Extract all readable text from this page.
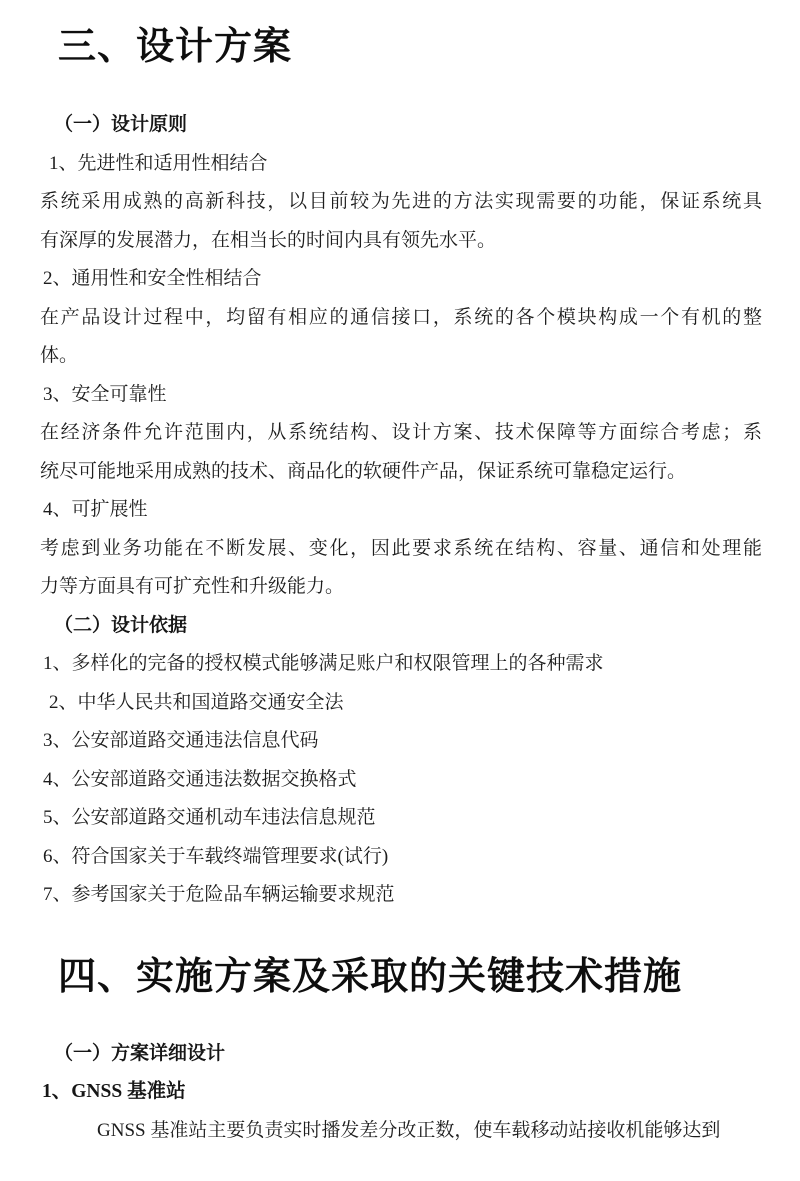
三、设计方案
（一）设计原则
1、先进性和适用性相结合
系统采用成熟的高新科技，以目前较为先进的方法实现需要的功能，保证系统具
有深厚的发展潜力，在相当长的时间内具有领先水平。
2、通用性和安全性相结合
在产品设计过程中，均留有相应的通信接口，系统的各个模块构成一个有机的整
体。
3、安全可靠性
在经济条件允许范围内，从系统结构、设计方案、技术保障等方面综合考虑；系
统尽可能地采用成熟的技术、商品化的软硬件产品，保证系统可靠稳定运行。
4、可扩展性
考虑到业务功能在不断发展、变化，因此要求系统在结构、容量、通信和处理能
力等方面具有可扩充性和升级能力。
（二）设计依据
1、多样化的完备的授权模式能够满足账户和权限管理上的各种需求
2、中华人民共和国道路交通安全法
3、公安部道路交通违法信息代码
4、公安部道路交通违法数据交换格式
5、公安部道路交通机动车违法信息规范
6、符合国家关于车载终端管理要求(试行)
7、参考国家关于危险品车辆运输要求规范
四、实施方案及采取的关键技术措施
（一）方案详细设计
1、GNSS 基准站
GNSS 基准站主要负责实时播发差分改正数，使车载移动站接收机能够达到
